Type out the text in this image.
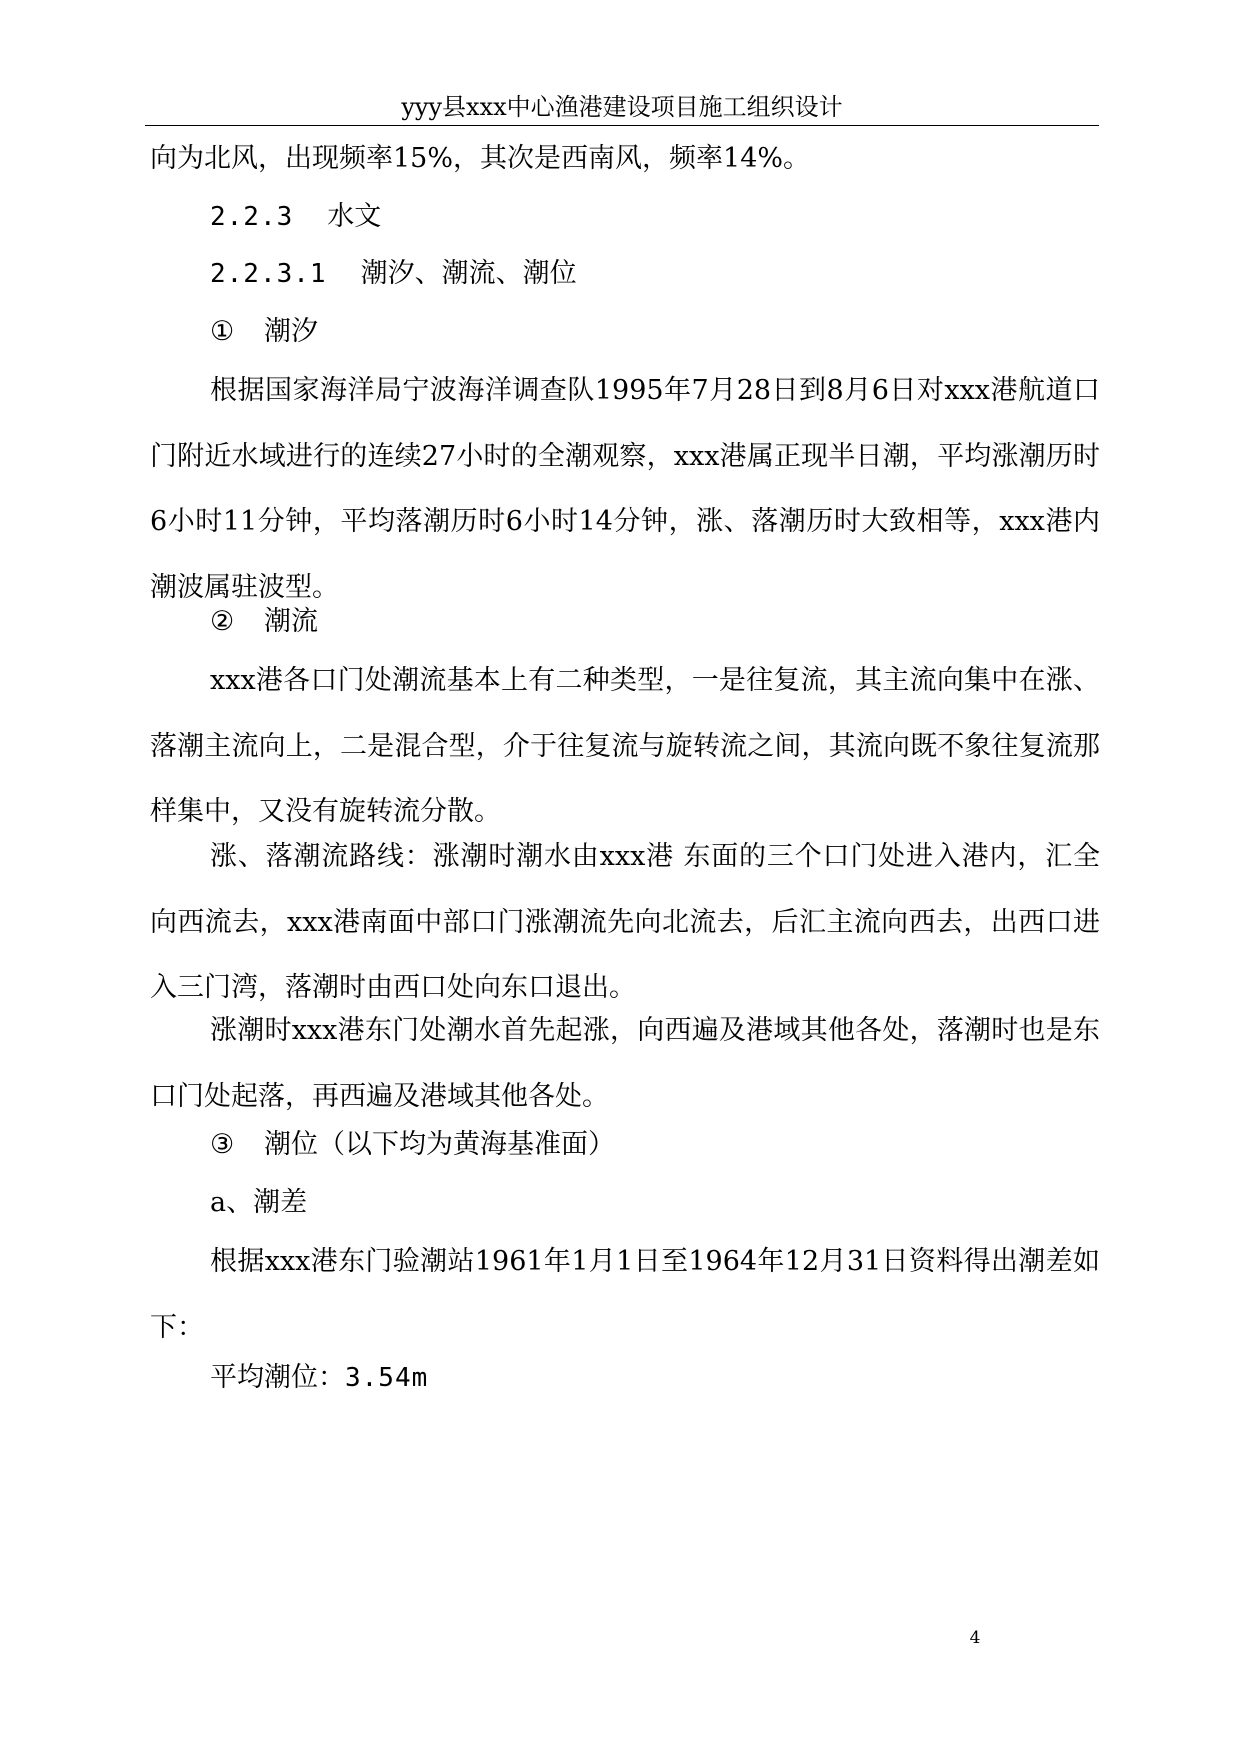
yyy县xxx中心渔港建设项目施工组织设计

向为北风，出现频率15%，其次是西南风，频率14%。

2.2.3 水文

2.2.3.1 潮汐、潮流、潮位

① 潮汐

根据国家海洋局宁波海洋调查队1995年7月28日到8月6日对xxx港航道口门附近水域进行的连续27小时的全潮观察，xxx港属正现半日潮，平均涨潮历时6小时11分钟，平均落潮历时6小时14分钟，涨、落潮历时大致相等，xxx港内潮波属驻波型。

② 潮流

xxx港各口门处潮流基本上有二种类型，一是往复流，其主流向集中在涨、落潮主流向上，二是混合型，介于往复流与旋转流之间，其流向既不象往复流那样集中，又没有旋转流分散。

涨、落潮流路线：涨潮时潮水由xxx港 东面的三个口门处进入港内，汇全向西流去，xxx港南面中部口门涨潮流先向北流去，后汇主流向西去，出西口进入三门湾，落潮时由西口处向东口退出。

涨潮时xxx港东门处潮水首先起涨，向西遍及港域其他各处，落潮时也是东口门处起落，再西遍及港域其他各处。

③ 潮位（以下均为黄海基准面）

a、潮差

根据xxx港东门验潮站1961年1月1日至1964年12月31日资料得出潮差如下：

平均潮位：3.54m

4
